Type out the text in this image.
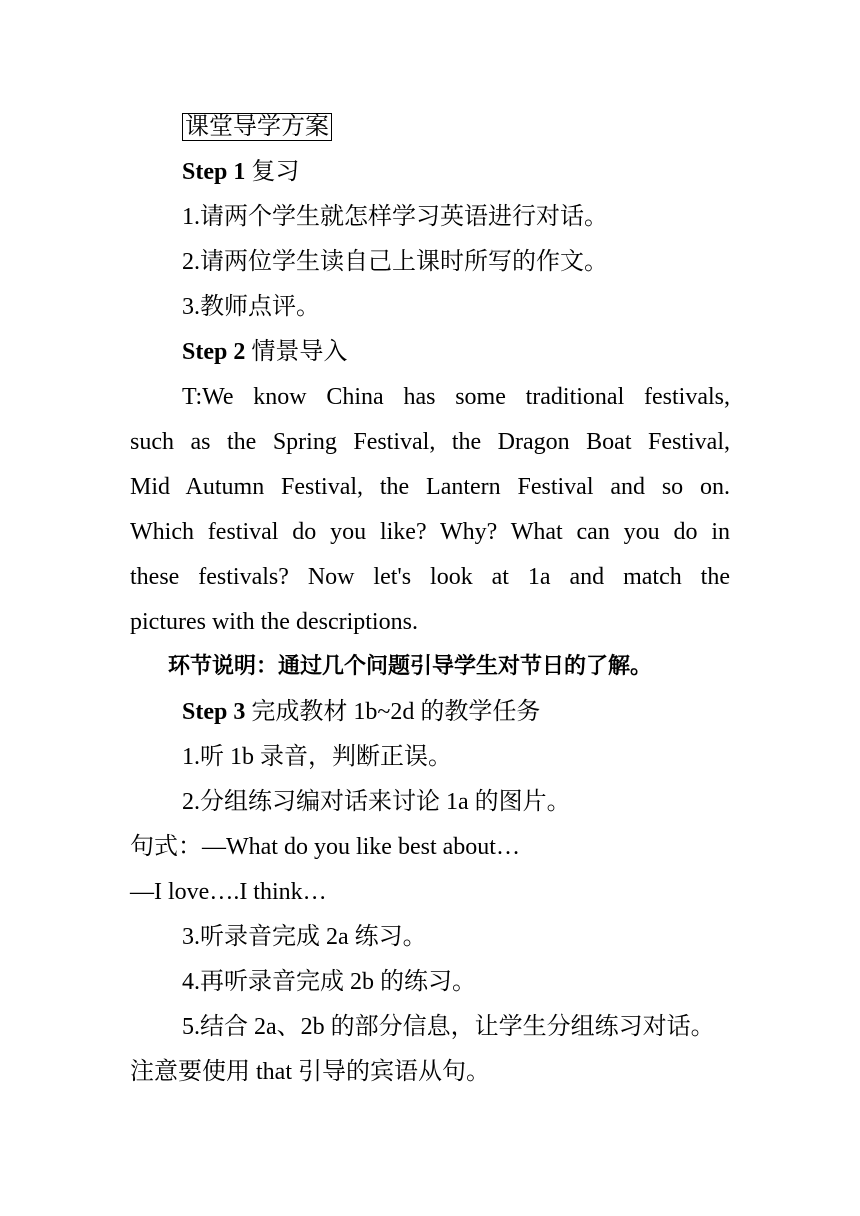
课堂导学方案
Step 1 复习
1.请两个学生就怎样学习英语进行对话。
2.请两位学生读自己上课时所写的作文。
3.教师点评。
Step 2 情景导入
T:We know China has some traditional festivals,
such as the Spring Festival, the Dragon Boat Festival,
Mid Autumn Festival, the Lantern Festival and so on.
Which festival do you like? Why? What can you do in
these festivals? Now let's look at 1a and match the
pictures with the descriptions.
环节说明：通过几个问题引导学生对节日的了解。
Step 3 完成教材 1b~2d 的教学任务
1.听 1b 录音，判断正误。
2.分组练习编对话来讨论 1a 的图片。
句式：—What do you like best about…
—I love….I think…
3.听录音完成 2a 练习。
4.再听录音完成 2b 的练习。
5.结合 2a、2b 的部分信息，让学生分组练习对话。
注意要使用 that 引导的宾语从句。
